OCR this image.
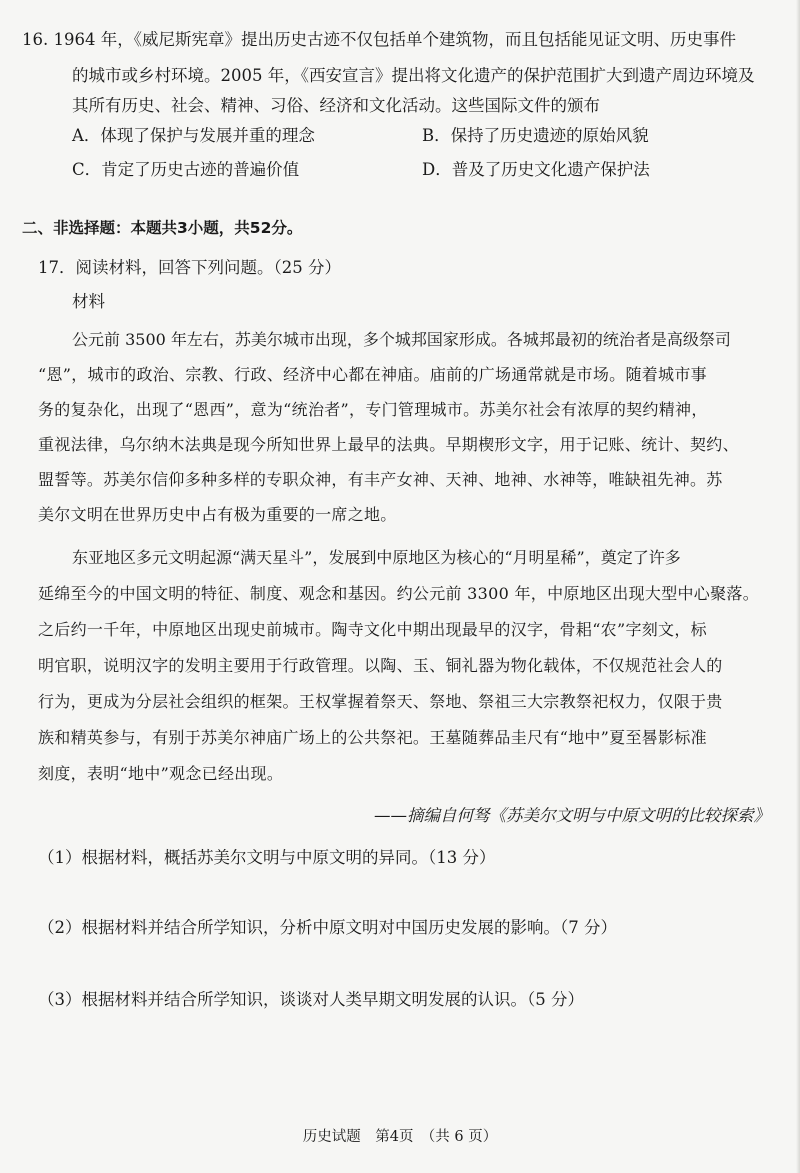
16. 1964 年，《威尼斯宪章》提出历史古迹不仅包括单个建筑物，而且包括能见证文明、历史事件
的城市或乡村环境。2005 年，《西安宣言》提出将文化遗产的保护范围扩大到遗产周边环境及
其所有历史、社会、精神、习俗、经济和文化活动。这些国际文件的颁布
A．体现了保护与发展并重的理念	B．保持了历史遗迹的原始风貌
C．肯定了历史古迹的普遍价值	D．普及了历史文化遗产保护法
二、非选择题：本题共3小题，共52分。
17．阅读材料，回答下列问题。（25 分）
材料
公元前 3500 年左右，苏美尔城市出现，多个城邦国家形成。各城邦最初的统治者是高级祭司
“恩”，城市的政治、宗教、行政、经济中心都在神庙。庙前的广场通常就是市场。随着城市事
务的复杂化，出现了“恩西”，意为“统治者”，专门管理城市。苏美尔社会有浓厚的契约精神，
重视法律，乌尔纳木法典是现今所知世界上最早的法典。早期楔形文字，用于记账、统计、契约、
盟誓等。苏美尔信仰多种多样的专职众神，有丰产女神、天神、地神、水神等，唯缺祖先神。苏
美尔文明在世界历史中占有极为重要的一席之地。
东亚地区多元文明起源“满天星斗”，发展到中原地区为核心的“月明星稀”，奠定了许多
延绵至今的中国文明的特征、制度、观念和基因。约公元前 3300 年，中原地区出现大型中心聚落。
之后约一千年，中原地区出现史前城市。陶寺文化中期出现最早的汉字，骨耜“农”字刻文，标
明官职，说明汉字的发明主要用于行政管理。以陶、玉、铜礼器为物化载体，不仅规范社会人的
行为，更成为分层社会组织的框架。王权掌握着祭天、祭地、祭祖三大宗教祭祀权力，仅限于贵
族和精英参与，有别于苏美尔神庙广场上的公共祭祀。王墓随葬品圭尺有“地中”夏至晷影标准
刻度，表明“地中”观念已经出现。
——摘编自何驽《苏美尔文明与中原文明的比较探索》
（1）根据材料，概括苏美尔文明与中原文明的异同。（13 分）
（2）根据材料并结合所学知识，分析中原文明对中国历史发展的影响。（7 分）
（3）根据材料并结合所学知识，谈谈对人类早期文明发展的认识。（5 分）
历史试题　第4页　（共 6 页）
